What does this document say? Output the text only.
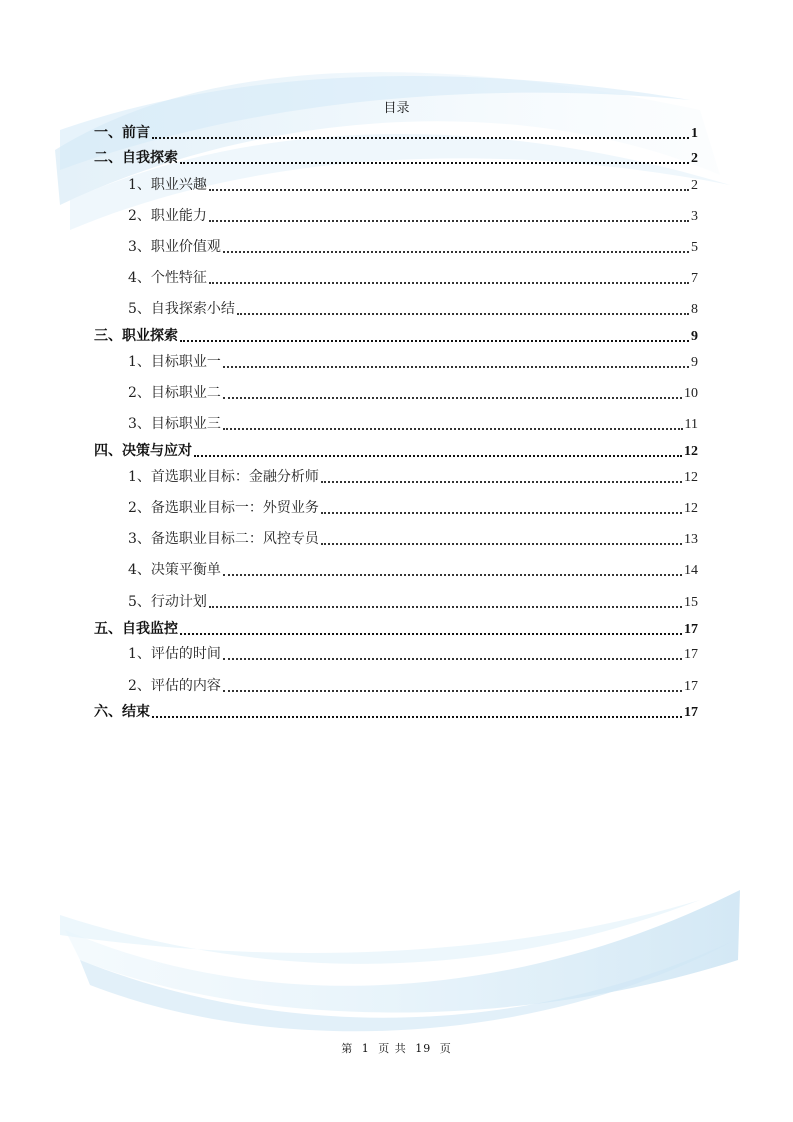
目录
一、前言	1
二、自我探索	2
1、职业兴趣	2
2、职业能力	3
3、职业价值观	5
4、个性特征	7
5、自我探索小结	8
三、职业探索	9
1、目标职业一	9
2、目标职业二	10
3、目标职业三	11
四、决策与应对	12
1、首选职业目标：金融分析师	12
2、备选职业目标一：外贸业务	12
3、备选职业目标二：风控专员	13
4、决策平衡单	14
5、行动计划	15
五、自我监控	17
1、评估的时间	17
2、评估的内容	17
六、结束	17
第 1 页 共 19 页
